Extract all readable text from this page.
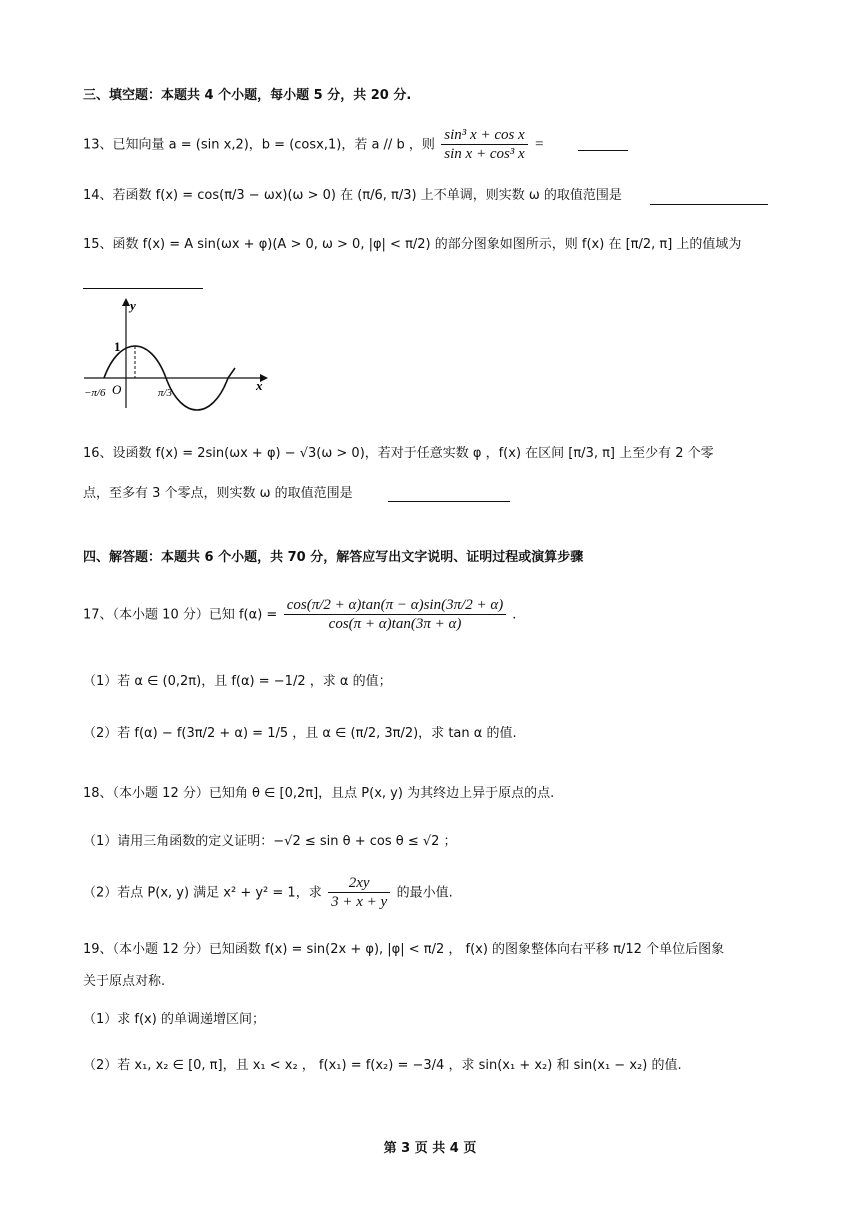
三、填空题：本题共 4 个小题，每小题 5 分，共 20 分.
13、已知向量 a = (sin x,2)，b = (cosx,1)，若 a // b ，则 $\frac{\text{sin³ x + cos x}}{\text{sin x + cos³ x}}$ =
14、若函数 f(x) = cos(π/3 − ωx)(ω > 0) 在 (π/6, π/3) 上不单调，则实数 ω 的取值范围是
15、函数 f(x) = A sin(ωx + φ)(A > 0, ω > 0, |φ| < π/2) 的部分图象如图所示，则 f(x) 在 [π/2, π] 上的值域为
y
x
1
O
−π/6	π/3
16、设函数 f(x) = 2sin(ωx + φ) − √3(ω > 0)，若对于任意实数 φ ，f(x) 在区间 [π/3, π] 上至少有 2 个零
点，至多有 3 个零点，则实数 ω 的取值范围是
四、解答题：本题共 6 个小题，共 70 分，解答应写出文字说明、证明过程或演算步骤
17、（本小题 10 分）已知 $f(\alpha) = \frac{\cos(\pi/2 + \alpha)\tan(\pi - \alpha)\sin(3\pi/2 + \alpha)}{\cos(\pi + \alpha)\tan(3\pi + \alpha)}$ .
（1）若 α ∈ (0,2π)，且 f(α) = −1/2 ，求 α 的值；
（2）若 f(α) − f(3π/2 + α) = 1/5 ，且 α ∈ (π/2, 3π/2)，求 tan α 的值.
18、（本小题 12 分）已知角 θ ∈ [0,2π]，且点 P(x, y) 为其终边上异于原点的点.
（1）请用三角函数的定义证明：−√2 ≤ sin θ + cos θ ≤ √2 ；
（2）若点 P(x, y) 满足 x² + y² = 1，求 $\frac{2xy}{3 + x + y}$ 的最小值.
19、（本小题 12 分）已知函数 f(x) = sin(2x + φ), |φ| < π/2 ， f(x) 的图象整体向右平移 π/12 个单位后图象
关于原点对称.
（1）求 f(x) 的单调递增区间；
（2）若 x₁, x₂ ∈ [0, π]，且 x₁ < x₂ ， f(x₁) = f(x₂) = −3/4 ，求 sin(x₁ + x₂) 和 sin(x₁ − x₂) 的值.
第 3 页 共 4 页
